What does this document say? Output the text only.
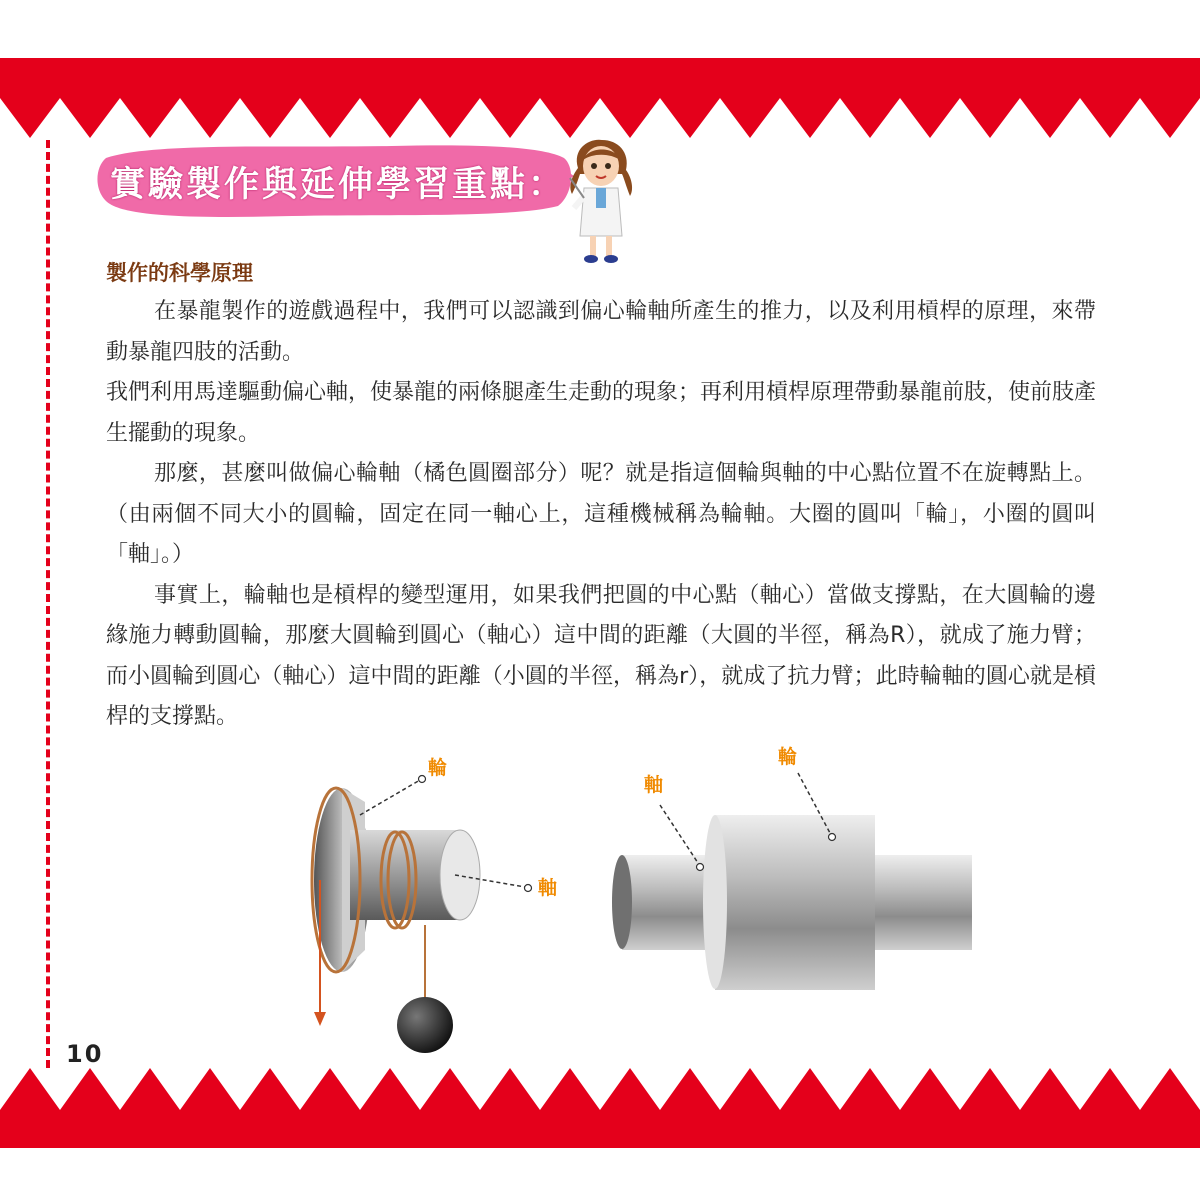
實驗製作與延伸學習重點：
製作的科學原理

在暴龍製作的遊戲過程中，我們可以認識到偏心輪軸所產生的推力，以及利用槓桿的原理，來帶動暴龍四肢的活動。

我們利用馬達驅動偏心軸，使暴龍的兩條腿產生走動的現象；再利用槓桿原理帶動暴龍前肢，使前肢產生擺動的現象。

那麼，甚麼叫做偏心輪軸（橘色圓圈部分）呢？就是指這個輪與軸的中心點位置不在旋轉點上。（由兩個不同大小的圓輪，固定在同一軸心上，這種機械稱為輪軸。大圈的圓叫「輪」，小圈的圓叫「軸」。）

事實上，輪軸也是槓桿的變型運用，如果我們把圓的中心點（軸心）當做支撐點，在大圓輪的邊緣施力轉動圓輪，那麼大圓輪到圓心（軸心）這中間的距離（大圓的半徑，稱為R），就成了施力臂；而小圓輪到圓心（軸心）這中間的距離（小圓的半徑，稱為r），就成了抗力臂；此時輪軸的圓心就是槓桿的支撐點。

輪
軸
軸
輪
10
